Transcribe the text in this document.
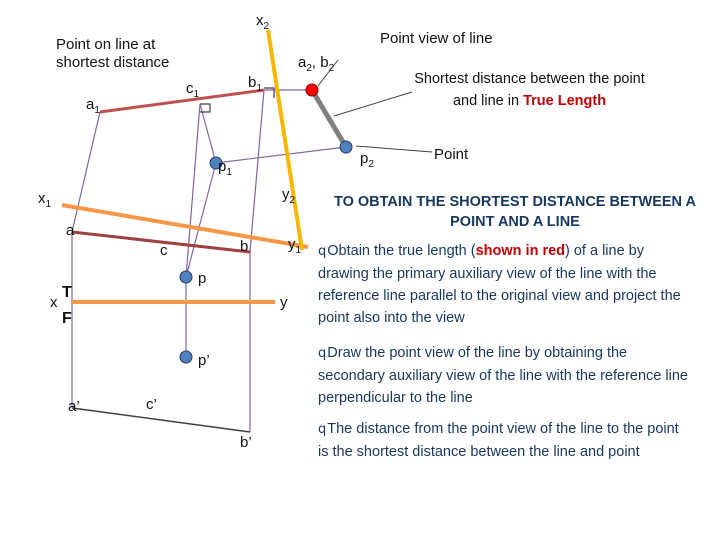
Point on line at shortest distance
Point view of line
Shortest distance between the point and line in True Length
Point
$a_1$
$c_1$
$b_1$
$p_1$
$x_2$
$y_2$
$a_2$, $b_2$
$p_2$
$x_1$
$y_1$
a
c	b
p
x	y
T
F
p’
a’	c’
b’
TO OBTAIN THE SHORTEST DISTANCE BETWEEN A POINT AND A LINE
qObtain the true length (shown in red) of a line by drawing the primary auxiliary view of the line with the reference line parallel to the original view and project the point also into the view
qDraw the point view of the line by obtaining the secondary auxiliary view of the line with the reference line perpendicular to the line
qThe distance from the point view of the line to the point is the shortest distance between the line and point
